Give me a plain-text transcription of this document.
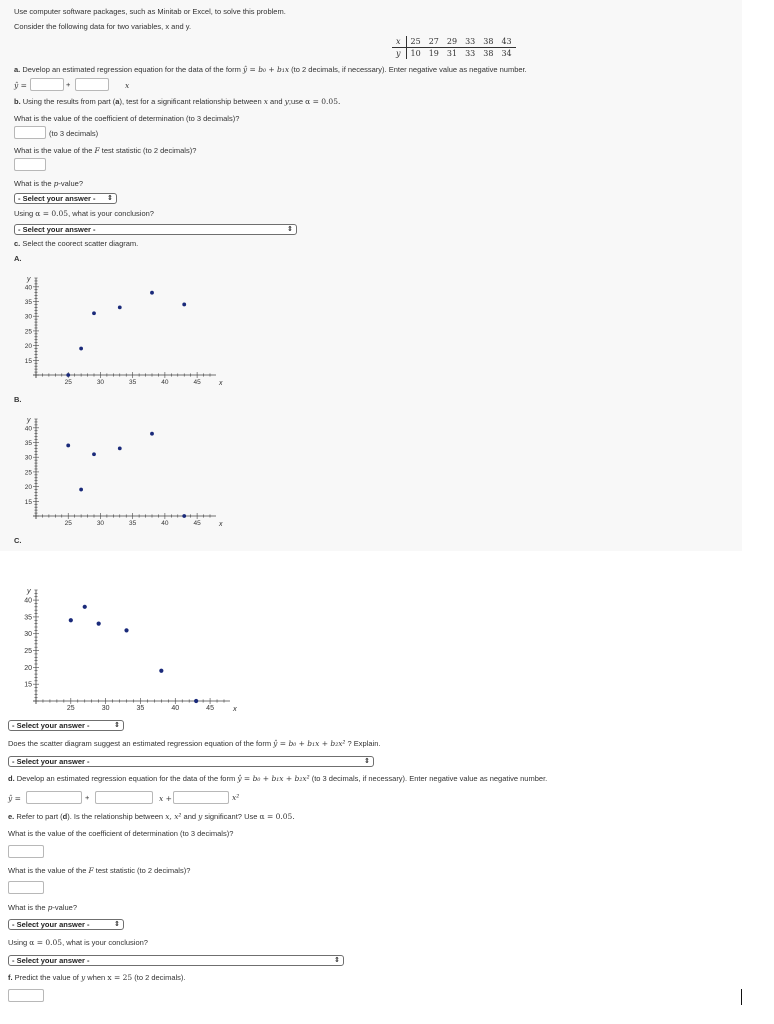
Use computer software packages, such as Minitab or Excel, to solve this problem.
Consider the following data for two variables, x and y.
x	25	27	29	33	38	43
y	10	19	31	33	38	34
a. Develop an estimated regression equation for the data of the form ŷ = b₀ + b₁x (to 2 decimals, if necessary). Enter negative value as negative number.
ŷ =	+	x
b. Using the results from part (a), test for a significant relationship between x and y;use α = 0.05.
What is the value of the coefficient of determination (to 3 decimals)?
(to 3 decimals)
What is the value of the F test statistic (to 2 decimals)?
What is the p-value?
- Select your answer - ⇕
Using α = 0.05, what is your conclusion?
- Select your answer -	⇕
c. Select the coorect scatter diagram.
A.
25	30	35	40	45
40
35
30
25
20
15
x
y
B.
25	30	35	40	45
40
35
30
25
20
15
x
y
C.
25	30	35	40	45
40
35
30
25
20
15
x
y
- Select your answer -	⇕
Does the scatter diagram suggest an estimated regression equation of the form ŷ = b₀ + b₁x + b₂x² ? Explain.
- Select your answer -	⇕
d. Develop an estimated regression equation for the data of the form ŷ = b₀ + b₁x + b₂x² (to 3 decimals, if necessary). Enter negative value as negative number.
ŷ =	+	x +	x²
e. Refer to part (d). Is the relationship between x, x² and y significant? Use α = 0.05.
What is the value of the coefficient of determination (to 3 decimals)?
What is the value of the F test statistic (to 2 decimals)?
What is the p-value?
- Select your answer -	⇕
Using α = 0.05, what is your conclusion?
- Select your answer -	⇕
f. Predict the value of y when x = 25 (to 2 decimals).
